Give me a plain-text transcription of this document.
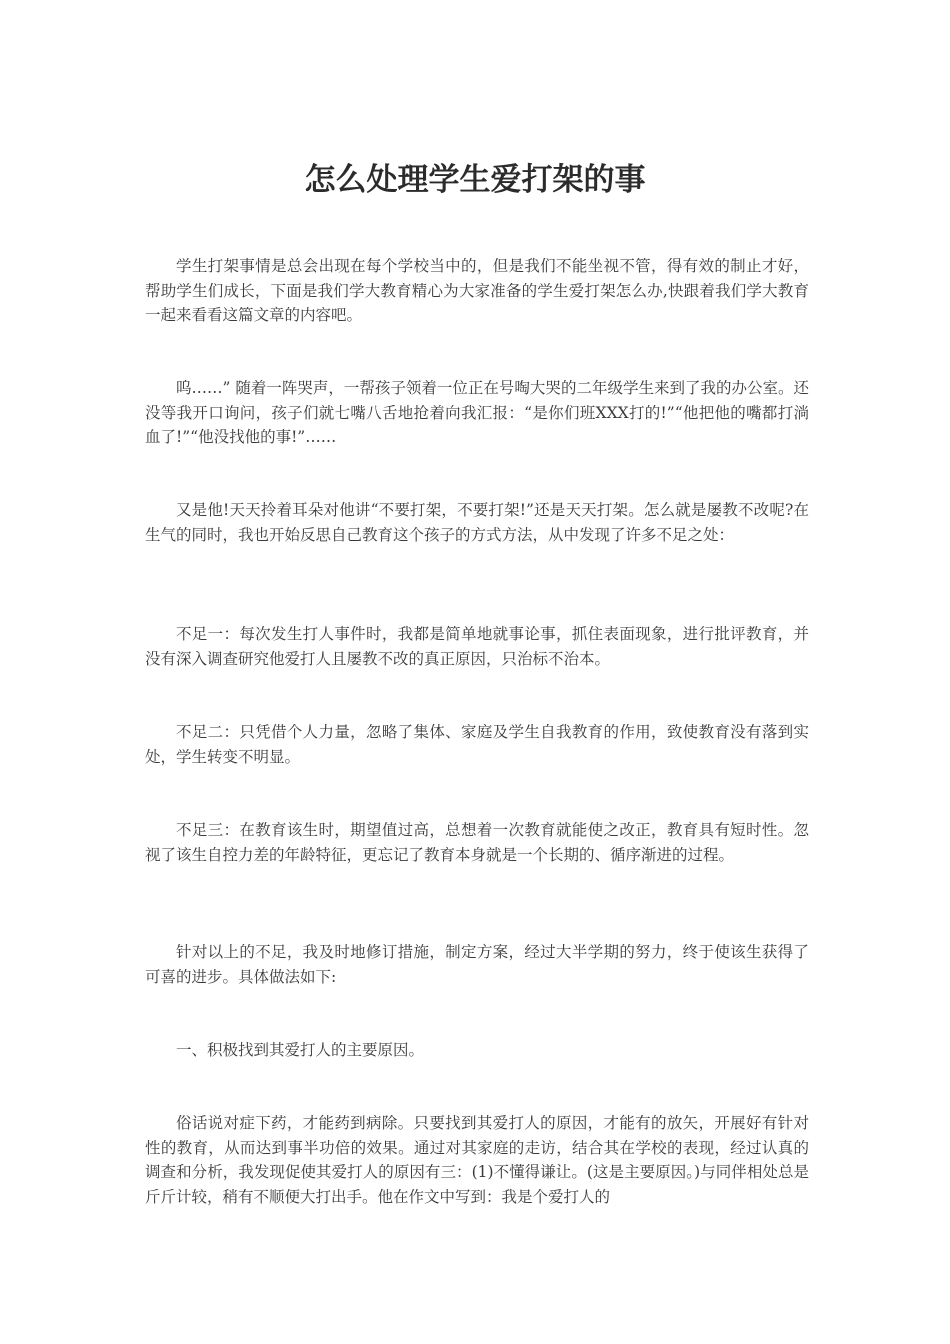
怎么处理学生爱打架的事

学生打架事情是总会出现在每个学校当中的，但是我们不能坐视不管，得有效的制止才好，帮助学生们成长，下面是我们学大教育精心为大家准备的学生爱打架怎么办,快跟着我们学大教育一起来看看这篇文章的内容吧。

呜……” 随着一阵哭声，一帮孩子领着一位正在号啕大哭的二年级学生来到了我的办公室。还没等我开口询问，孩子们就七嘴八舌地抢着向我汇报：“是你们班XXX打的!”“他把他的嘴都打淌血了!”“他没找他的事!”……

又是他!天天拎着耳朵对他讲“不要打架，不要打架!”还是天天打架。怎么就是屡教不改呢?在生气的同时，我也开始反思自己教育这个孩子的方式方法，从中发现了许多不足之处：

不足一：每次发生打人事件时，我都是简单地就事论事，抓住表面现象，进行批评教育，并没有深入调查研究他爱打人且屡教不改的真正原因，只治标不治本。

不足二：只凭借个人力量，忽略了集体、家庭及学生自我教育的作用，致使教育没有落到实处，学生转变不明显。

不足三：在教育该生时，期望值过高，总想着一次教育就能使之改正，教育具有短时性。忽视了该生自控力差的年龄特征，更忘记了教育本身就是一个长期的、循序渐进的过程。

针对以上的不足，我及时地修订措施，制定方案，经过大半学期的努力，终于使该生获得了可喜的进步。具体做法如下:

一、积极找到其爱打人的主要原因。

俗话说对症下药，才能药到病除。只要找到其爱打人的原因，才能有的放矢，开展好有针对性的教育，从而达到事半功倍的效果。通过对其家庭的走访，结合其在学校的表现，经过认真的调查和分析，我发现促使其爱打人的原因有三：(1)不懂得谦让。(这是主要原因。)与同伴相处总是斤斤计较，稍有不顺便大打出手。他在作文中写到：我是个爱打人的
